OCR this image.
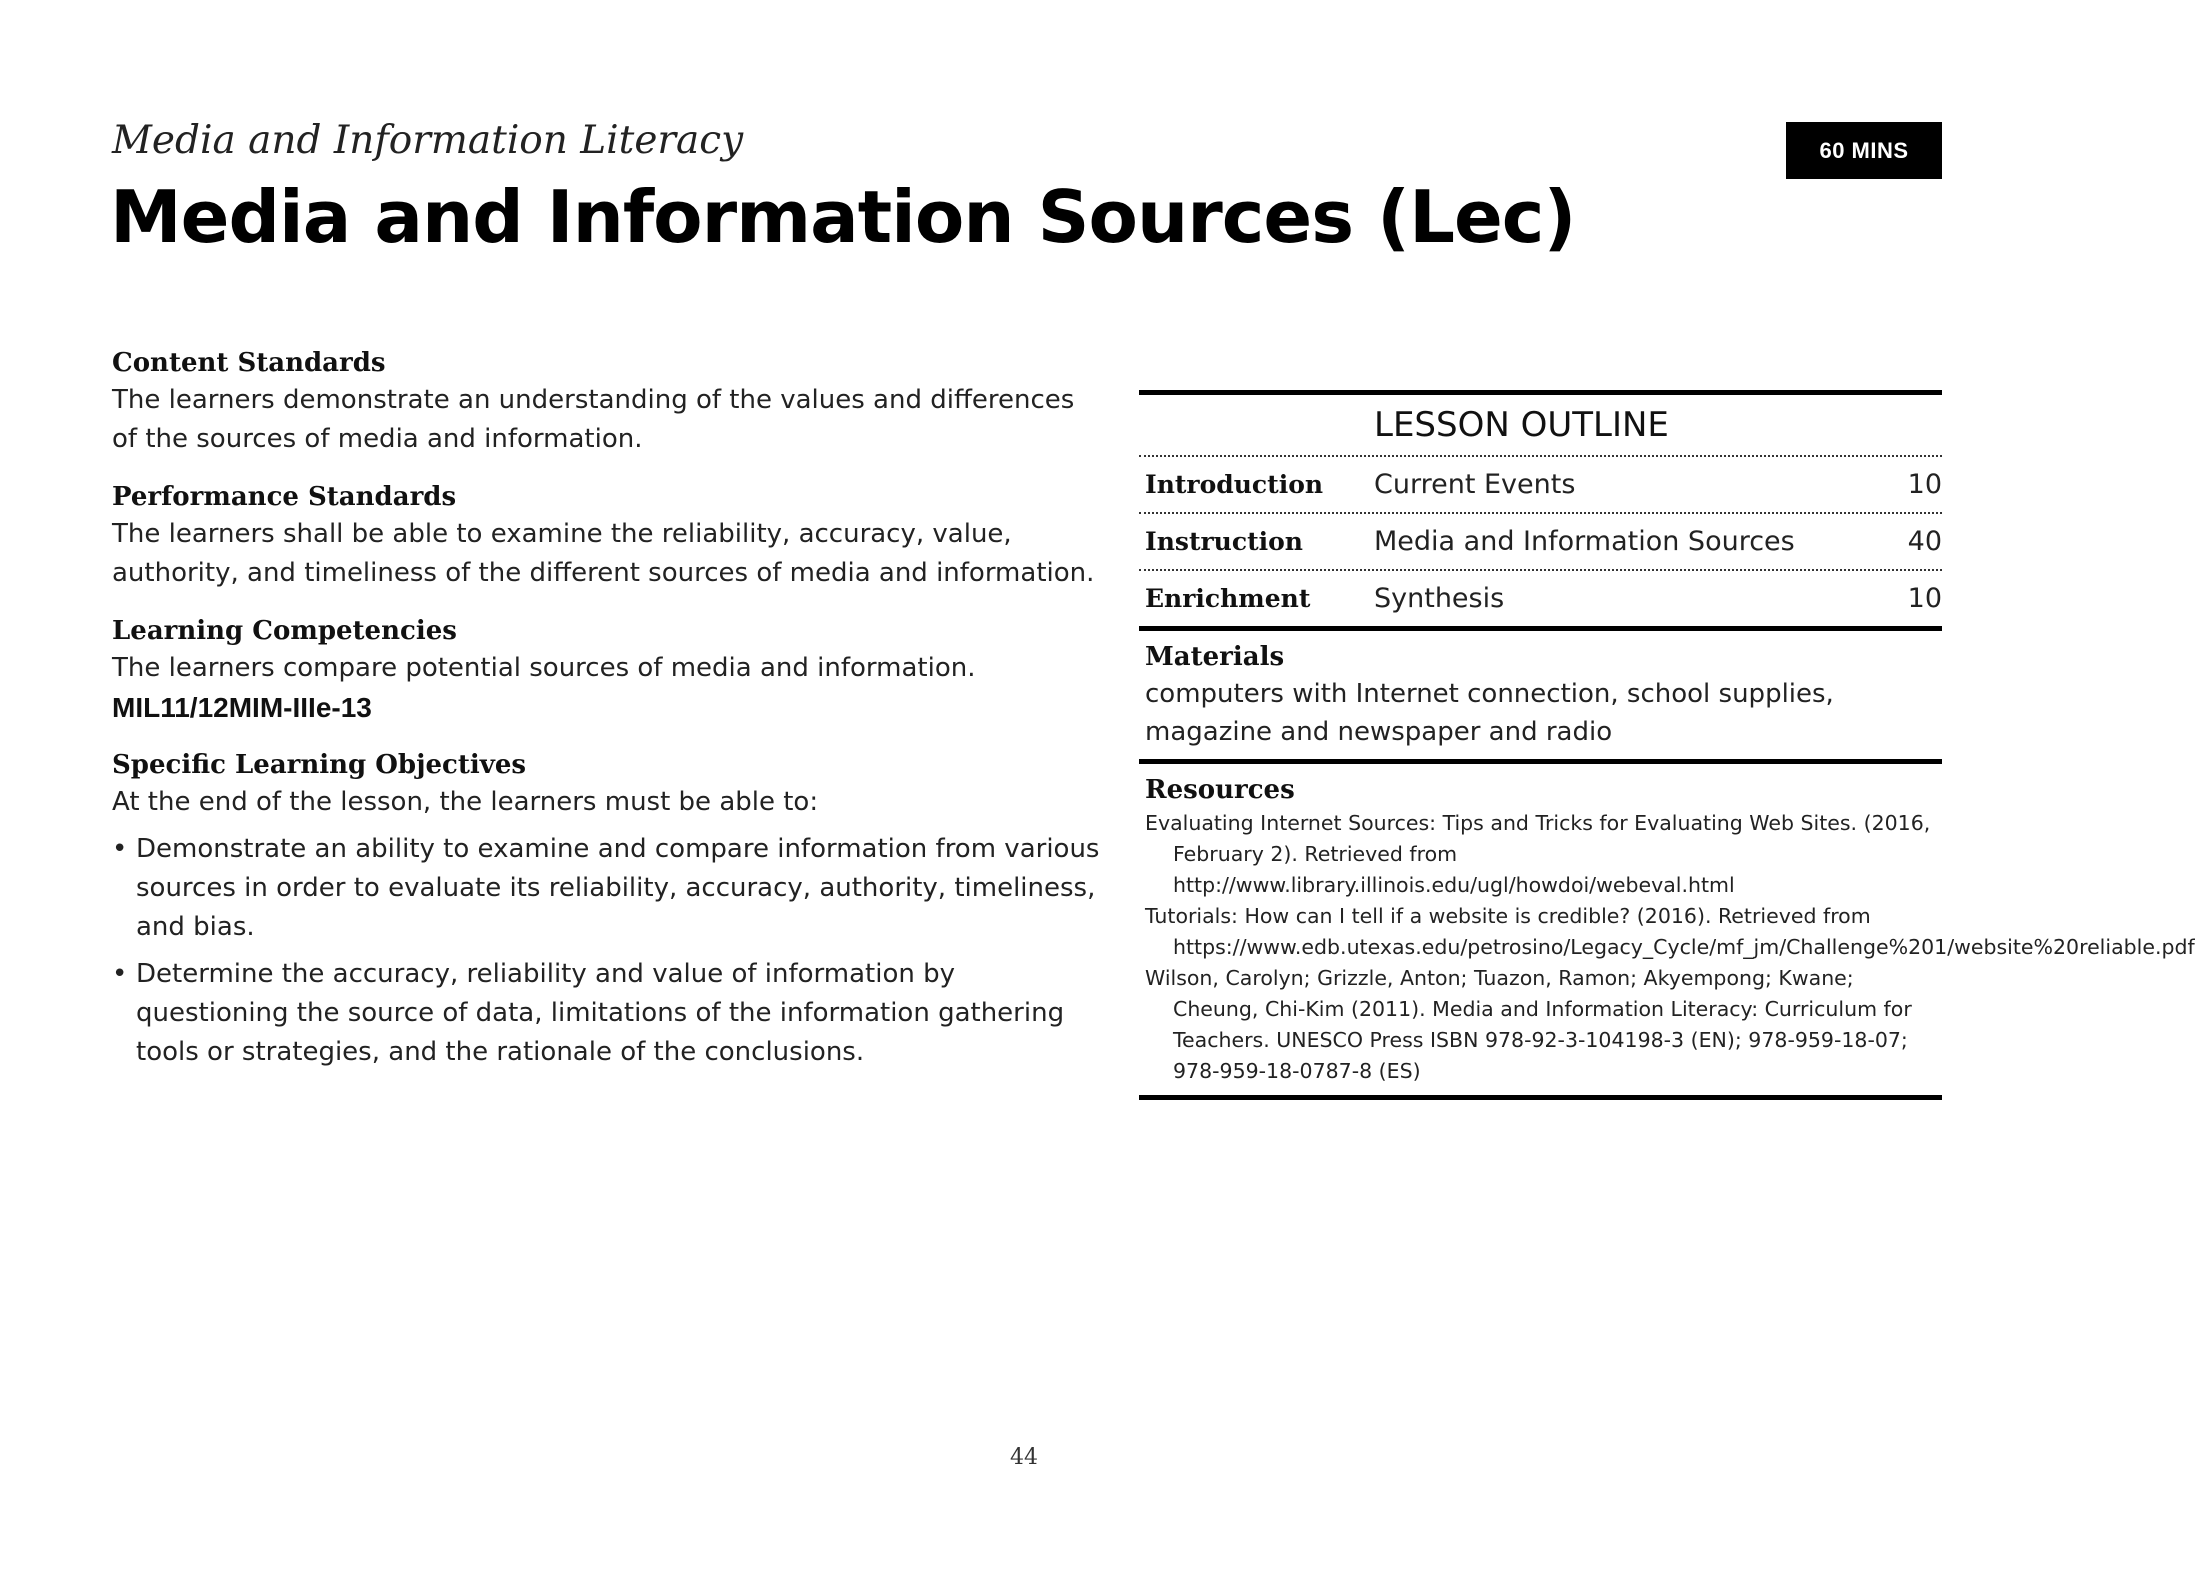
Media and Information Literacy	60 MINS
Media and Information Sources (Lec)
Content Standards
The learners demonstrate an understanding of the values and differences of the sources of media and information.
Performance Standards
The learners shall be able to examine the reliability, accuracy, value, authority, and timeliness of the different sources of media and information.
Learning Competencies
The learners compare potential sources of media and information.
MIL11/12MIM-IIIe-13
Specific Learning Objectives
At the end of the lesson, the learners must be able to:
• Demonstrate an ability to examine and compare information from various sources in order to evaluate its reliability, accuracy, authority, timeliness, and bias.
• Determine the accuracy, reliability and value of information by questioning the source of data, limitations of the information gathering tools or strategies, and the rationale of the conclusions.
LESSON OUTLINE
Introduction	Current Events	10
Instruction	Media and Information Sources	40
Enrichment	Synthesis	10
Materials
computers with Internet connection, school supplies, magazine and newspaper and radio
Resources
Evaluating Internet Sources: Tips and Tricks for Evaluating Web Sites. (2016, February 2). Retrieved from http://www.library.illinois.edu/ugl/howdoi/webeval.html
Tutorials: How can I tell if a website is credible? (2016). Retrieved from https://www.edb.utexas.edu/petrosino/Legacy_Cycle/mf_jm/Challenge%201/website%20reliable.pdf
Wilson, Carolyn; Grizzle, Anton; Tuazon, Ramon; Akyempong; Kwane; Cheung, Chi-Kim (2011). Media and Information Literacy: Curriculum for Teachers. UNESCO Press ISBN 978-92-3-104198-3 (EN); 978-959-18-07; 978-959-18-0787-8 (ES)
44
